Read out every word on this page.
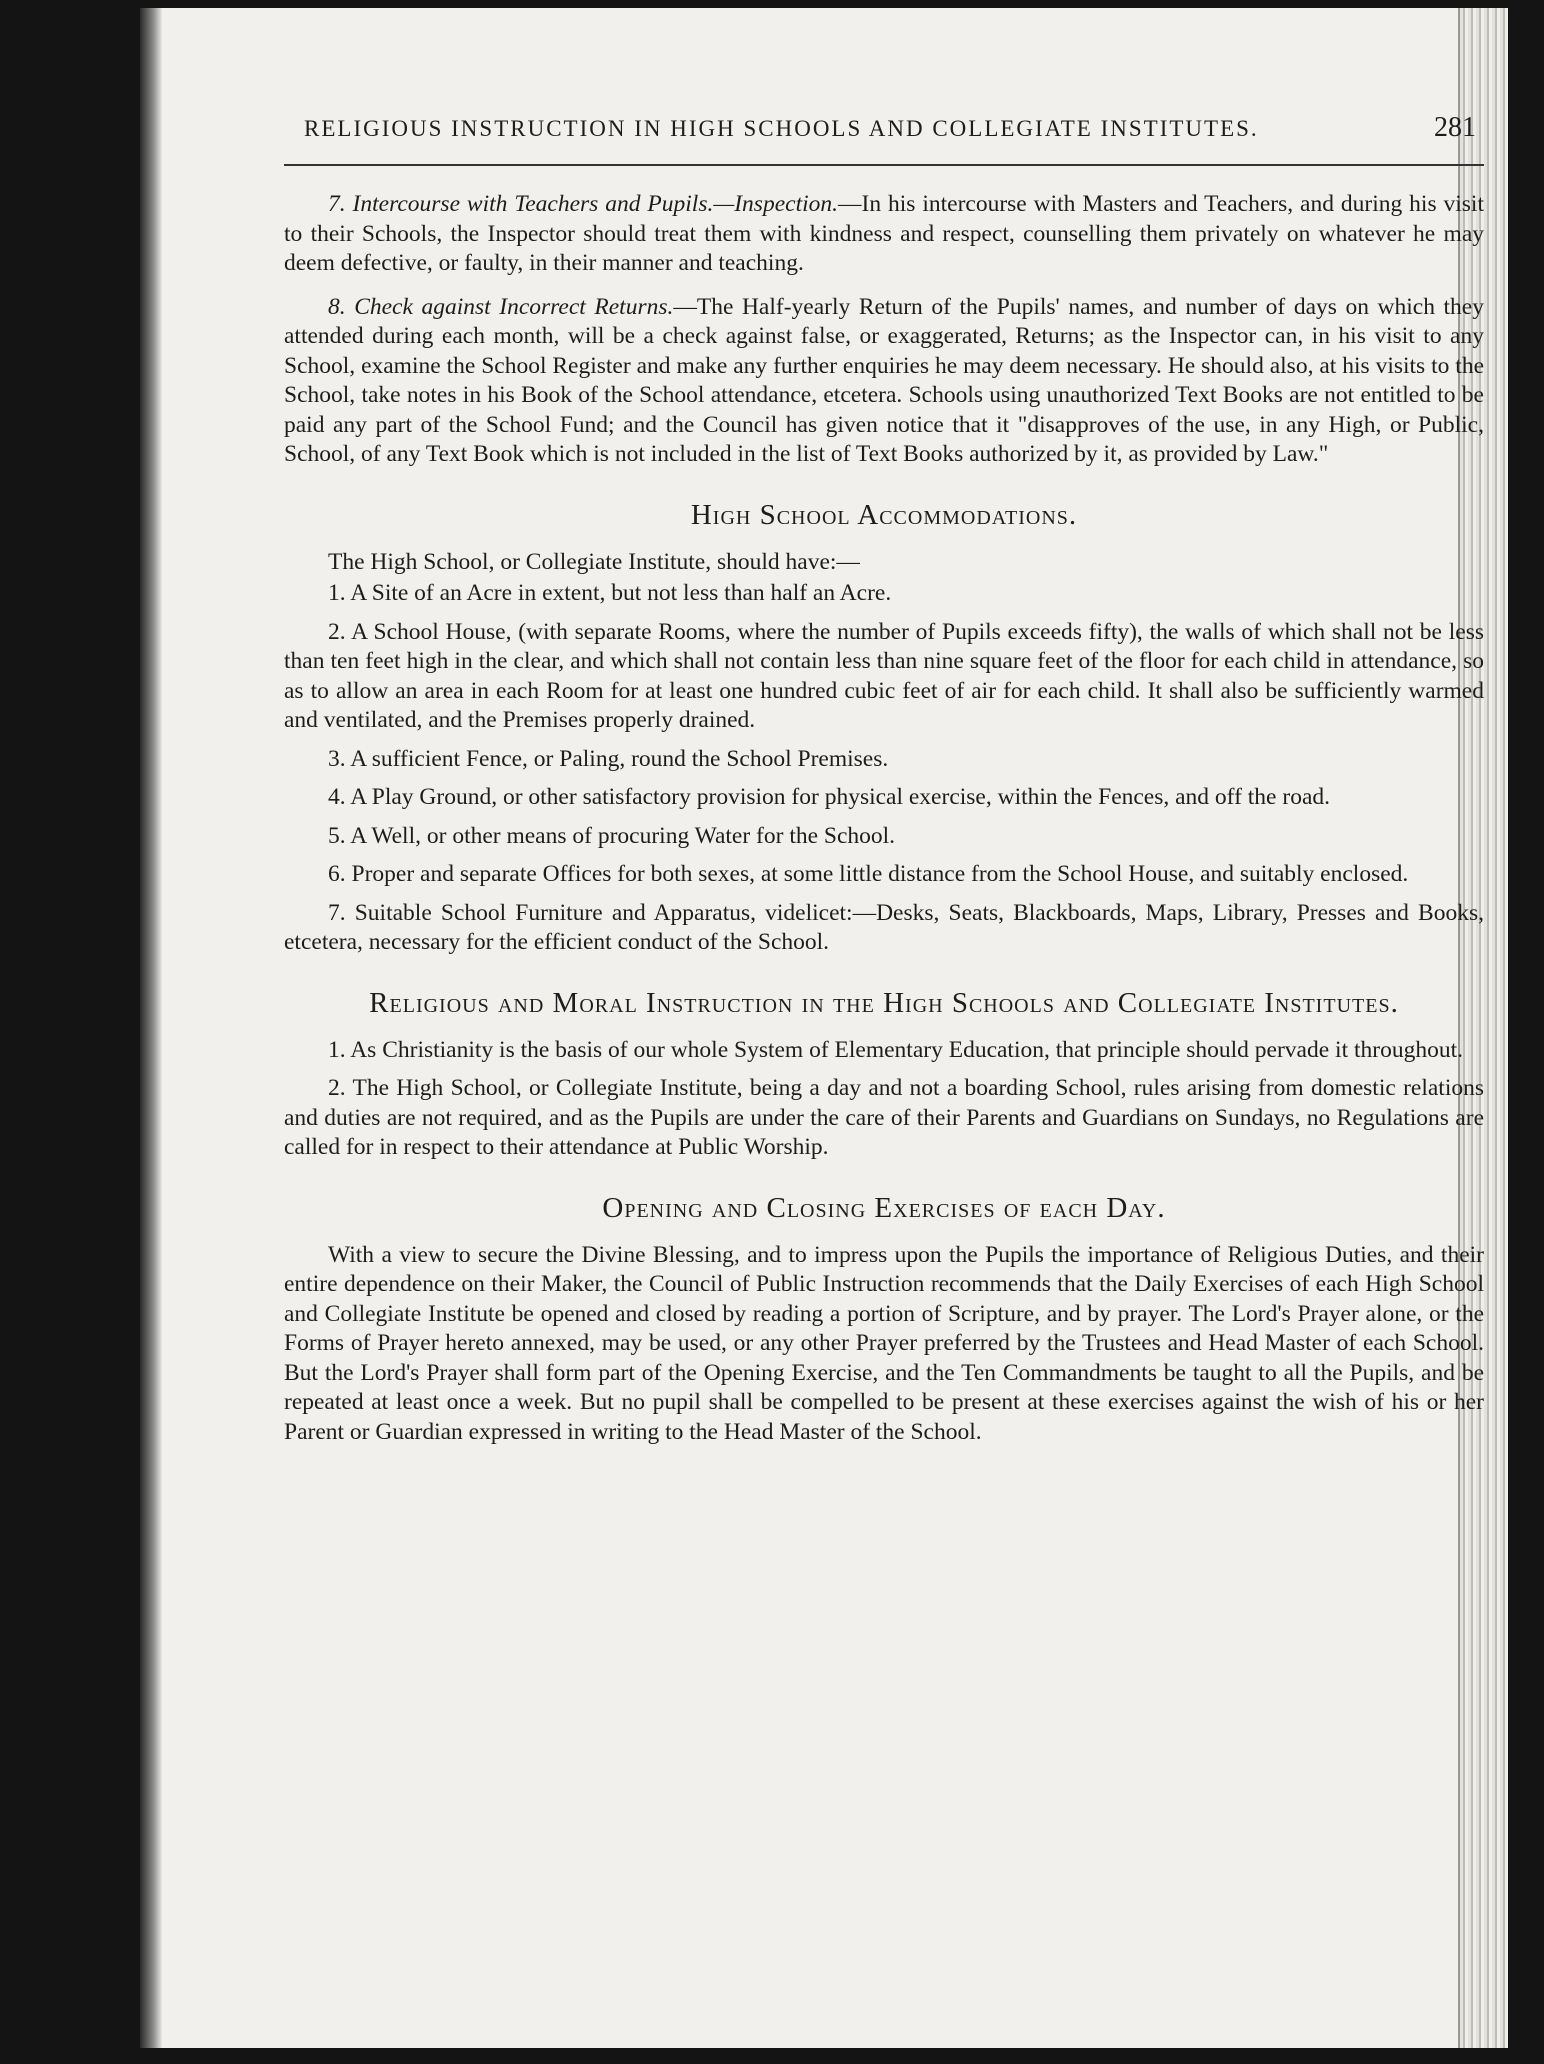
RELIGIOUS INSTRUCTION IN HIGH SCHOOLS AND COLLEGIATE INSTITUTES.	281

7. Intercourse with Teachers and Pupils.—Inspection.—In his intercourse with Masters and Teachers, and during his visit to their Schools, the Inspector should treat them with kindness and respect, counselling them privately on whatever he may deem defective, or faulty, in their manner and teaching.

8. Check against Incorrect Returns.—The Half-yearly Return of the Pupils' names, and number of days on which they attended during each month, will be a check against false, or exaggerated, Returns; as the Inspector can, in his visit to any School, examine the School Register and make any further enquiries he may deem necessary. He should also, at his visits to the School, take notes in his Book of the School attendance, etcetera. Schools using unauthorized Text Books are not entitled to be paid any part of the School Fund; and the Council has given notice that it "disapproves of the use, in any High, or Public, School, of any Text Book which is not included in the list of Text Books authorized by it, as provided by Law."

High School Accommodations.

The High School, or Collegiate Institute, should have:—

1. A Site of an Acre in extent, but not less than half an Acre.

2. A School House, (with separate Rooms, where the number of Pupils exceeds fifty), the walls of which shall not be less than ten feet high in the clear, and which shall not contain less than nine square feet of the floor for each child in attendance, so as to allow an area in each Room for at least one hundred cubic feet of air for each child. It shall also be sufficiently warmed and ventilated, and the Premises properly drained.

3. A sufficient Fence, or Paling, round the School Premises.

4. A Play Ground, or other satisfactory provision for physical exercise, within the Fences, and off the road.

5. A Well, or other means of procuring Water for the School.

6. Proper and separate Offices for both sexes, at some little distance from the School House, and suitably enclosed.

7. Suitable School Furniture and Apparatus, videlicet:—Desks, Seats, Blackboards, Maps, Library, Presses and Books, etcetera, necessary for the efficient conduct of the School.

Religious and Moral Instruction in the High Schools and Collegiate Institutes.

1. As Christianity is the basis of our whole System of Elementary Education, that principle should pervade it throughout.

2. The High School, or Collegiate Institute, being a day and not a boarding School, rules arising from domestic relations and duties are not required, and as the Pupils are under the care of their Parents and Guardians on Sundays, no Regulations are called for in respect to their attendance at Public Worship.

Opening and Closing Exercises of each Day.

With a view to secure the Divine Blessing, and to impress upon the Pupils the importance of Religious Duties, and their entire dependence on their Maker, the Council of Public Instruction recommends that the Daily Exercises of each High School and Collegiate Institute be opened and closed by reading a portion of Scripture, and by prayer. The Lord's Prayer alone, or the Forms of Prayer hereto annexed, may be used, or any other Prayer preferred by the Trustees and Head Master of each School. But the Lord's Prayer shall form part of the Opening Exercise, and the Ten Commandments be taught to all the Pupils, and be repeated at least once a week. But no pupil shall be compelled to be present at these exercises against the wish of his or her Parent or Guardian expressed in writing to the Head Master of the School.
